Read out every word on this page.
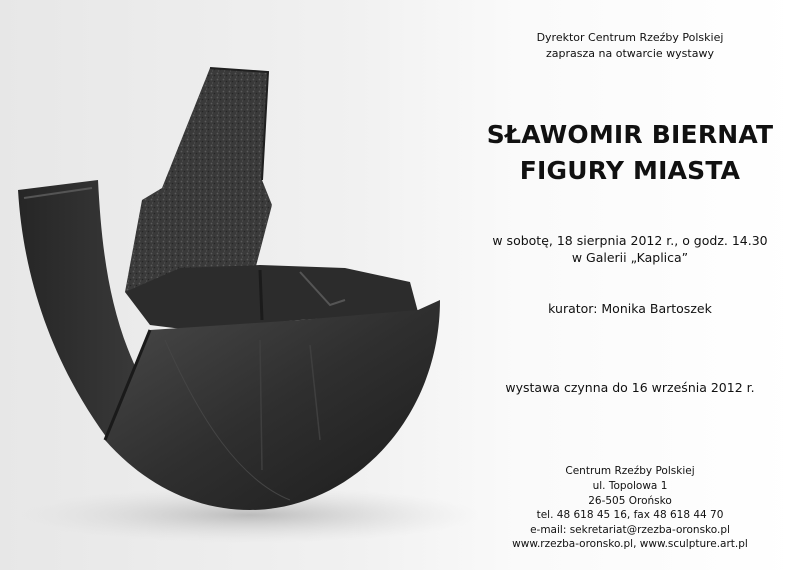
Dyrektor Centrum Rzeźby Polskiej
zaprasza na otwarcie wystawy
SŁAWOMIR BIERNAT
FIGURY MIASTA
w sobotę, 18 sierpnia 2012 r., o godz. 14.30
w Galerii „Kaplica”
kurator: Monika Bartoszek
wystawa czynna do 16 września 2012 r.
Centrum Rzeźby Polskiej
ul. Topolowa 1
26-505 Orońsko
tel. 48 618 45 16, fax 48 618 44 70
e-mail: sekretariat@rzezba-oronsko.pl
www.rzezba-oronsko.pl, www.sculpture.art.pl
